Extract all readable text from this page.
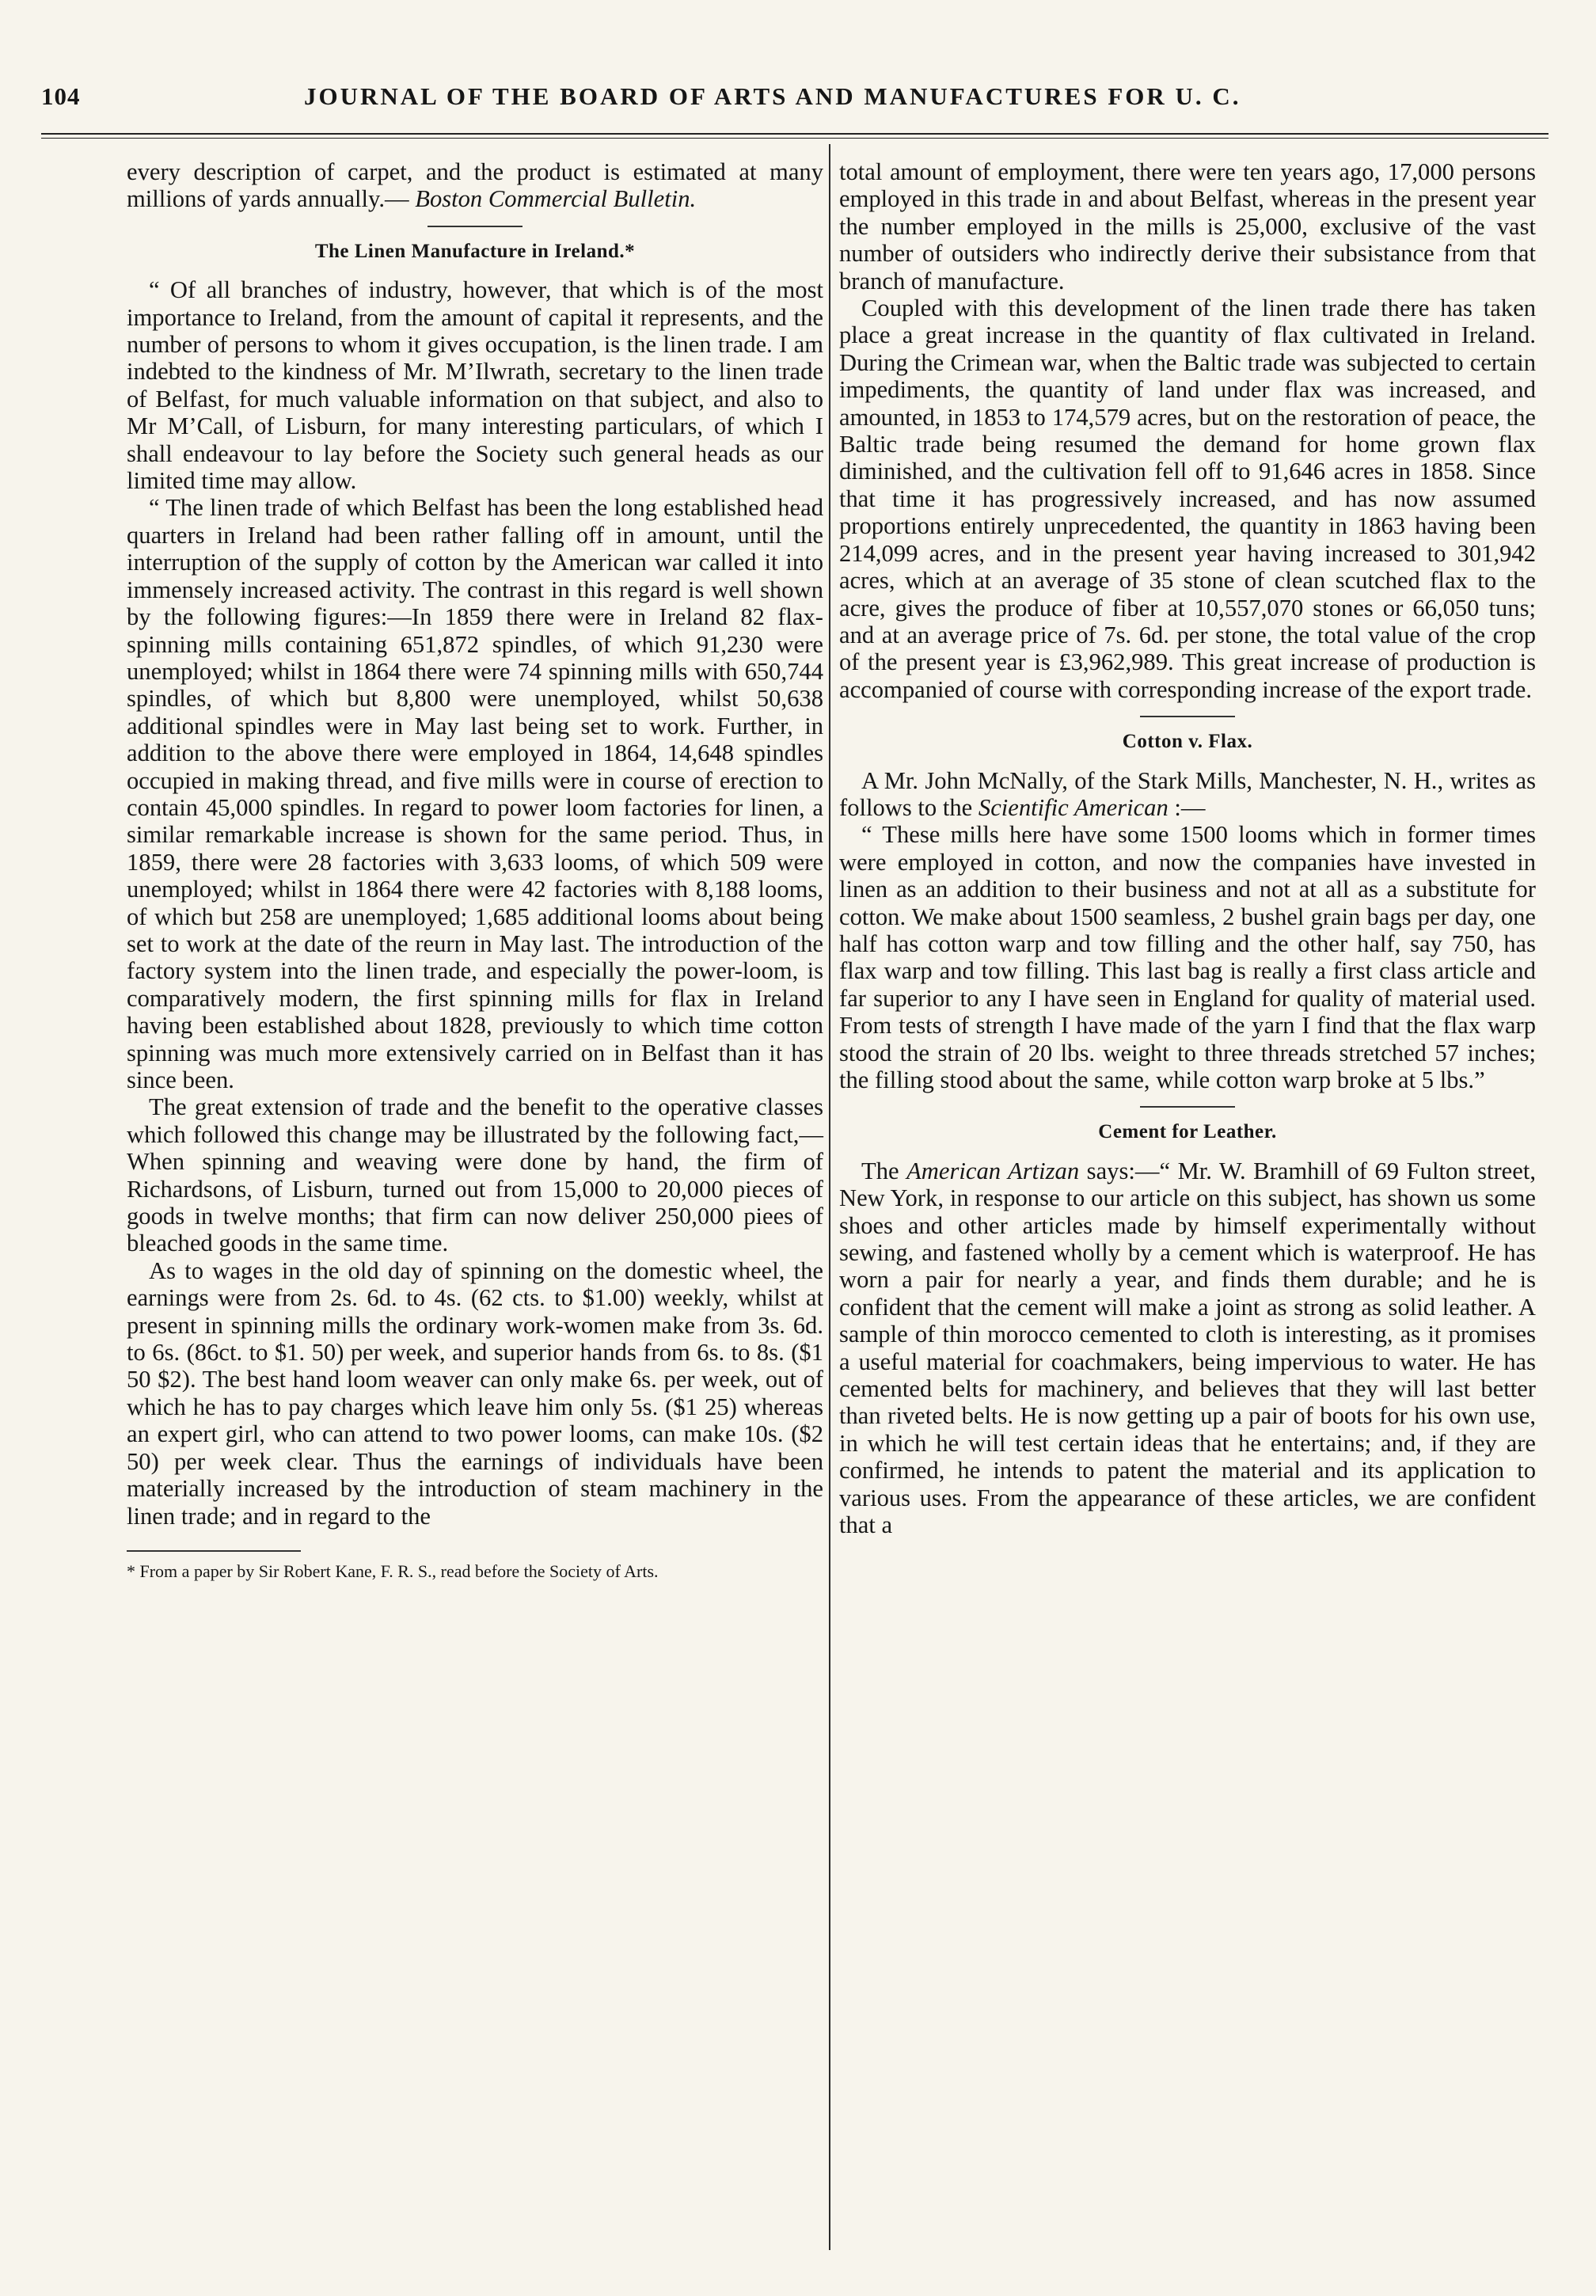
104	JOURNAL OF THE BOARD OF ARTS AND MANUFACTURES FOR U. C.

every description of carpet, and the product is estimated at many millions of yards annually.— Boston Commercial Bulletin.

The Linen Manufacture in Ireland.*

“ Of all branches of industry, however, that which is of the most importance to Ireland, from the amount of capital it represents, and the number of persons to whom it gives occupation, is the linen trade. I am indebted to the kindness of Mr. M’Ilwrath, secretary to the linen trade of Belfast, for much valuable information on that subject, and also to Mr M’Call, of Lisburn, for many interesting particulars, of which I shall endeavour to lay before the Society such general heads as our limited time may allow.

“ The linen trade of which Belfast has been the long established head quarters in Ireland had been rather falling off in amount, until the interruption of the supply of cotton by the American war called it into immensely increased activity. The contrast in this regard is well shown by the following figures:—In 1859 there were in Ireland 82 flax-spinning mills containing 651,872 spindles, of which 91,230 were unemployed; whilst in 1864 there were 74 spinning mills with 650,744 spindles, of which but 8,800 were unemployed, whilst 50,638 additional spindles were in May last being set to work. Further, in addition to the above there were employed in 1864, 14,648 spindles occupied in making thread, and five mills were in course of erection to contain 45,000 spindles. In regard to power loom factories for linen, a similar remarkable increase is shown for the same period. Thus, in 1859, there were 28 factories with 3,633 looms, of which 509 were unemployed; whilst in 1864 there were 42 factories with 8,188 looms, of which but 258 are unemployed; 1,685 additional looms about being set to work at the date of the reurn in May last. The introduction of the factory system into the linen trade, and especially the power-loom, is comparatively modern, the first spinning mills for flax in Ireland having been established about 1828, previously to which time cotton spinning was much more extensively carried on in Belfast than it has since been.

The great extension of trade and the benefit to the operative classes which followed this change may be illustrated by the following fact,—When spinning and weaving were done by hand, the firm of Richardsons, of Lisburn, turned out from 15,000 to 20,000 pieces of goods in twelve months; that firm can now deliver 250,000 piees of bleached goods in the same time.

As to wages in the old day of spinning on the domestic wheel, the earnings were from 2s. 6d. to 4s. (62 cts. to $1.00) weekly, whilst at present in spinning mills the ordinary work-women make from 3s. 6d. to 6s. (86ct. to $1. 50) per week, and superior hands from 6s. to 8s. ($1 50 $2). The best hand loom weaver can only make 6s. per week, out of which he has to pay charges which leave him only 5s. ($1 25) whereas an expert girl, who can attend to two power looms, can make 10s. ($2 50) per week clear. Thus the earnings of individuals have been materially increased by the introduction of steam machinery in the linen trade; and in regard to the

* From a paper by Sir Robert Kane, F. R. S., read before the Society of Arts.

total amount of employment, there were ten years ago, 17,000 persons employed in this trade in and about Belfast, whereas in the present year the number employed in the mills is 25,000, exclusive of the vast number of outsiders who indirectly derive their subsistance from that branch of manufacture.

Coupled with this development of the linen trade there has taken place a great increase in the quantity of flax cultivated in Ireland. During the Crimean war, when the Baltic trade was subjected to certain impediments, the quantity of land under flax was increased, and amounted, in 1853 to 174,579 acres, but on the restoration of peace, the Baltic trade being resumed the demand for home grown flax diminished, and the cultivation fell off to 91,646 acres in 1858. Since that time it has progressively increased, and has now assumed proportions entirely unprecedented, the quantity in 1863 having been 214,099 acres, and in the present year having increased to 301,942 acres, which at an average of 35 stone of clean scutched flax to the acre, gives the produce of fiber at 10,557,070 stones or 66,050 tuns; and at an average price of 7s. 6d. per stone, the total value of the crop of the present year is £3,962,989. This great increase of production is accompanied of course with corresponding increase of the export trade.

Cotton v. Flax.

A Mr. John McNally, of the Stark Mills, Manchester, N. H., writes as follows to the Scientific American :—

“ These mills here have some 1500 looms which in former times were employed in cotton, and now the companies have invested in linen as an addition to their business and not at all as a substitute for cotton. We make about 1500 seamless, 2 bushel grain bags per day, one half has cotton warp and tow filling and the other half, say 750, has flax warp and tow filling. This last bag is really a first class article and far superior to any I have seen in England for quality of material used. From tests of strength I have made of the yarn I find that the flax warp stood the strain of 20 lbs. weight to three threads stretched 57 inches; the filling stood about the same, while cotton warp broke at 5 lbs.”

Cement for Leather.

The American Artizan says:—“ Mr. W. Bramhill of 69 Fulton street, New York, in response to our article on this subject, has shown us some shoes and other articles made by himself experimentally without sewing, and fastened wholly by a cement which is waterproof. He has worn a pair for nearly a year, and finds them durable; and he is confident that the cement will make a joint as strong as solid leather. A sample of thin morocco cemented to cloth is interesting, as it promises a useful material for coachmakers, being impervious to water. He has cemented belts for machinery, and believes that they will last better than riveted belts. He is now getting up a pair of boots for his own use, in which he will test certain ideas that he entertains; and, if they are confirmed, he intends to patent the material and its application to various uses. From the appearance of these articles, we are confident that a
